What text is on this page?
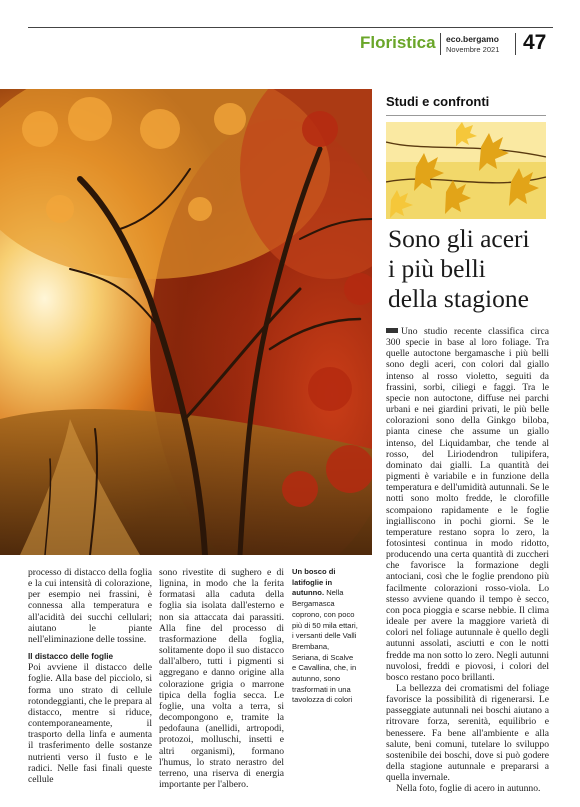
Floristica eco.bergamo
Novembre 2021 47
Studi e confronti
Sono gli aceri
i più belli
della stagione

Uno studio recente classifica circa 300 specie in base al loro foliage. Tra quelle autoctone bergamasche i più belli sono degli aceri, con colori dal giallo intenso al rosso violetto, seguiti da frassini, sorbi, ciliegi e faggi. Tra le specie non autoctone, diffuse nei parchi urbani e nei giardini privati, le più belle colorazioni sono della Ginkgo biloba, pianta cinese che assume un giallo intenso, del Liquidambar, che tende al rosso, del Liriodendron tulipifera, dominato dai gialli. La quantità dei pigmenti è variabile e in funzione della temperatura e dell'umidità autunnali. Se le notti sono molto fredde, le clorofille scompaiono rapidamente e le foglie ingialliscono in pochi giorni. Se le temperature restano sopra lo zero, la fotosintesi continua in modo ridotto, producendo una certa quantità di zuccheri che favorisce la formazione degli antociani, così che le foglie prendono più facilmente colorazioni rosso-viola. Lo stesso avviene quando il tempo è secco, con poca pioggia e scarse nebbie. Il clima ideale per avere la maggiore varietà di colori nel foliage autunnale è quello degli autunni assolati, asciutti e con le notti fredde ma non sotto lo zero. Negli autunni nuvolosi, freddi e piovosi, i colori del bosco restano poco brillanti.

La bellezza dei cromatismi del foliage favorisce la possibilità di rigenerarsi. Le passeggiate autunnali nei boschi aiutano a ritrovare forza, serenità, equilibrio e benessere. Fa bene all'ambiente e alla salute, beni comuni, tutelare lo sviluppo sostenibile dei boschi, dove si può godere della stagione autunnale e prepararsi a quella invernale.

Nella foto, foglie di acero in autunno.

processo di distacco della foglia e la cui intensità di colorazione, per esempio nei frassini, è connessa alla temperatura e all'acidità dei succhi cellulari; aiutano le piante nell'eliminazione delle tossine.

Il distacco delle foglie

Poi avviene il distacco delle foglie. Alla base del picciolo, si forma uno strato di cellule rotondeggianti, che le prepara al distacco, mentre si riduce, contemporaneamente, il trasporto della linfa e aumenta il trasferimento delle sostanze nutrienti verso il fusto e le radici. Nelle fasi finali queste cellule

sono rivestite di sughero e di lignina, in modo che la ferita formatasi alla caduta della foglia sia isolata dall'esterno e non sia attaccata dai parassiti. Alla fine del processo di trasformazione della foglia, solitamente dopo il suo distacco dall'albero, tutti i pigmenti si aggregano e danno origine alla colorazione grigia o marrone tipica della foglia secca. Le foglie, una volta a terra, si decompongono e, tramite la pedofauna (anellidi, artropodi, protozoi, molluschi, insetti e altri organismi), formano l'humus, lo strato nerastro del terreno, una riserva di energia importante per l'albero.

Un bosco di latifoglie in autunno. Nella Bergamasca coprono, con poco più di 50 mila ettari, i versanti delle Valli Brembana, Seriana, di Scalve e Cavallina, che, in autunno, sono trasformati in una tavolozza di colori
